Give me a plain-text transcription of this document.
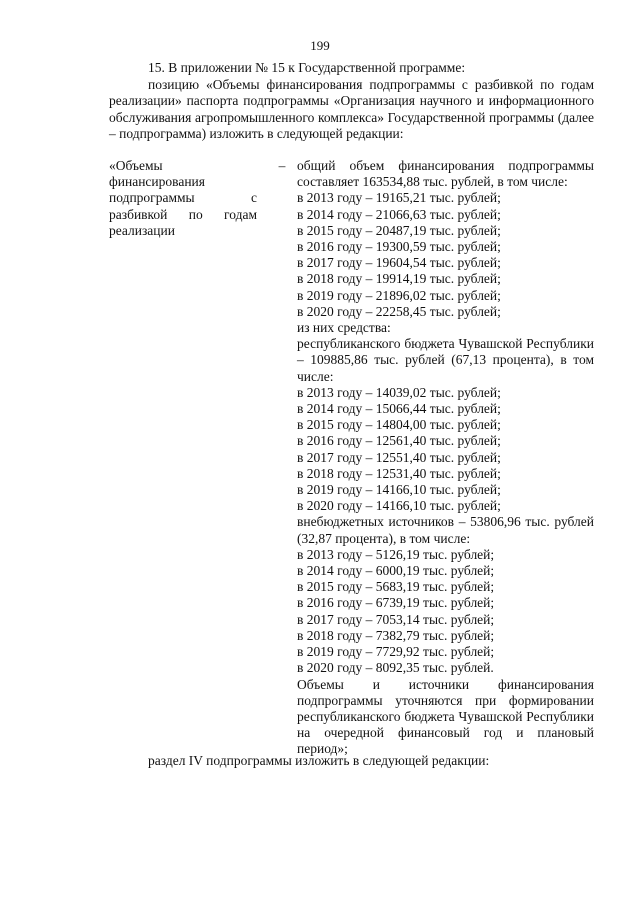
199

15. В приложении № 15 к Государственной программе:

позицию «Объемы финансирования подпрограммы с разбивкой по годам реализации» паспорта подпрограммы «Организация научного и информационного обслуживания агропромышленного комплекса» Государственной программы (далее – подпрограмма) изложить в следующей редакции:

«Объемы финансирования подпрограммы с разбивкой по годам реализации
– общий объем финансирования подпрограммы составляет 163534,88 тыс. рублей, в том числе:
в 2013 году – 19165,21 тыс. рублей;
в 2014 году – 21066,63 тыс. рублей;
в 2015 году – 20487,19 тыс. рублей;
в 2016 году – 19300,59 тыс. рублей;
в 2017 году – 19604,54 тыс. рублей;
в 2018 году – 19914,19 тыс. рублей;
в 2019 году – 21896,02 тыс. рублей;
в 2020 году – 22258,45 тыс. рублей;
из них средства:
республиканского бюджета Чувашской Республики – 109885,86 тыс. рублей (67,13 процента), в том числе:
в 2013 году – 14039,02 тыс. рублей;
в 2014 году – 15066,44 тыс. рублей;
в 2015 году – 14804,00 тыс. рублей;
в 2016 году – 12561,40 тыс. рублей;
в 2017 году – 12551,40 тыс. рублей;
в 2018 году – 12531,40 тыс. рублей;
в 2019 году – 14166,10 тыс. рублей;
в 2020 году – 14166,10 тыс. рублей;
внебюджетных источников – 53806,96 тыс. рублей (32,87 процента), в том числе:
в 2013 году – 5126,19 тыс. рублей;
в 2014 году – 6000,19 тыс. рублей;
в 2015 году – 5683,19 тыс. рублей;
в 2016 году – 6739,19 тыс. рублей;
в 2017 году – 7053,14 тыс. рублей;
в 2018 году – 7382,79 тыс. рублей;
в 2019 году – 7729,92 тыс. рублей;
в 2020 году – 8092,35 тыс. рублей.
Объемы и источники финансирования подпрограммы уточняются при формировании республиканского бюджета Чувашской Республики на очередной финансовый год и плановый период»;
раздел IV подпрограммы изложить в следующей редакции:
